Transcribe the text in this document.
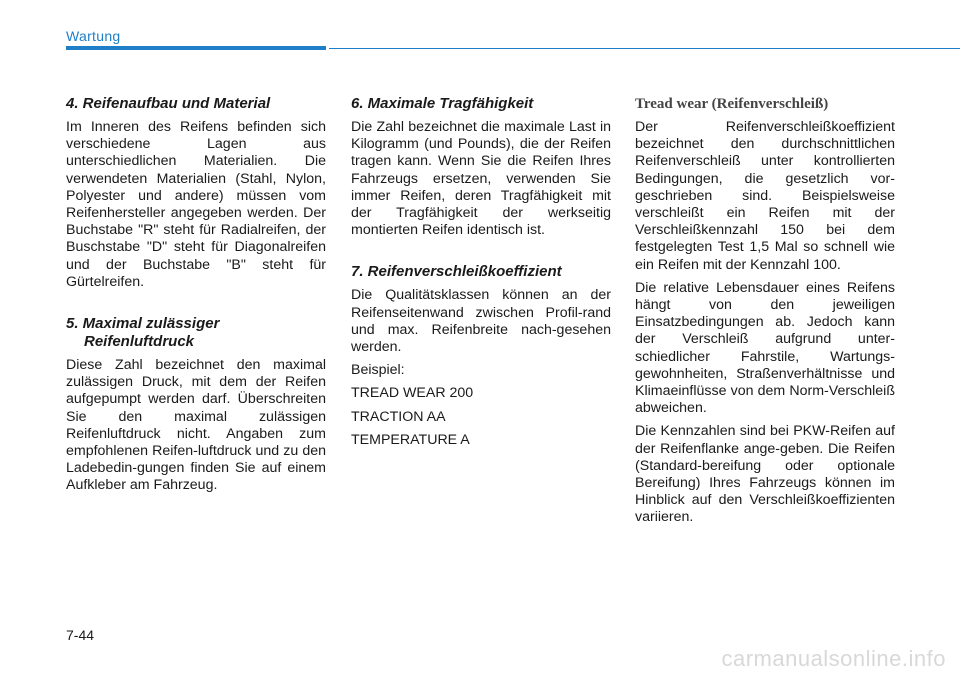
Wartung
4. Reifenaufbau und Material

Im Inneren des Reifens befinden sich verschiedene Lagen aus unterschiedlichen Materialien. Die verwendeten Materialien (Stahl, Nylon, Polyester und andere) müssen vom Reifenhersteller angegeben werden. Der Buchstabe "R" steht für Radialreifen, der Buschstabe "D" steht für Diagonalreifen und der Buchstabe "B" steht für Gürtelreifen.

5. Maximal zulässiger Reifenluftdruck

Diese Zahl bezeichnet den maximal zulässigen Druck, mit dem der Reifen aufgepumpt werden darf. Überschreiten Sie den maximal zulässigen Reifenluftdruck nicht. Angaben zum empfohlenen Reifen-luftdruck und zu den Ladebedin-gungen finden Sie auf einem Aufkleber am Fahrzeug.

6. Maximale Tragfähigkeit

Die Zahl bezeichnet die maximale Last in Kilogramm (und Pounds), die der Reifen tragen kann. Wenn Sie die Reifen Ihres Fahrzeugs ersetzen, verwenden Sie immer Reifen, deren Tragfähigkeit mit der Tragfähigkeit der werkseitig montierten Reifen identisch ist.

7. Reifenverschleißkoeffizient

Die Qualitätsklassen können an der Reifenseitenwand zwischen Profil-rand und max. Reifenbreite nach-gesehen werden.

Beispiel:

TREAD WEAR 200

TRACTION AA

TEMPERATURE A

Tread wear (Reifenverschleiß)

Der Reifenverschleißkoeffizient bezeichnet den durchschnittlichen Reifenverschleiß unter kontrollierten Bedingungen, die gesetzlich vor-geschrieben sind. Beispielsweise verschleißt ein Reifen mit der Verschleißkennzahl 150 bei dem festgelegten Test 1,5 Mal so schnell wie ein Reifen mit der Kennzahl 100.

Die relative Lebensdauer eines Reifens hängt von den jeweiligen Einsatzbedingungen ab. Jedoch kann der Verschleiß aufgrund unter-schiedlicher Fahrstile, Wartungs-gewohnheiten, Straßenverhältnisse und Klimaeinflüsse von dem Norm-Verschleiß abweichen.

Die Kennzahlen sind bei PKW-Reifen auf der Reifenflanke ange-geben. Die Reifen (Standard-bereifung oder optionale Bereifung) Ihres Fahrzeugs können im Hinblick auf den Verschleißkoeffizienten variieren.

7-44
carmanualsonline.info
